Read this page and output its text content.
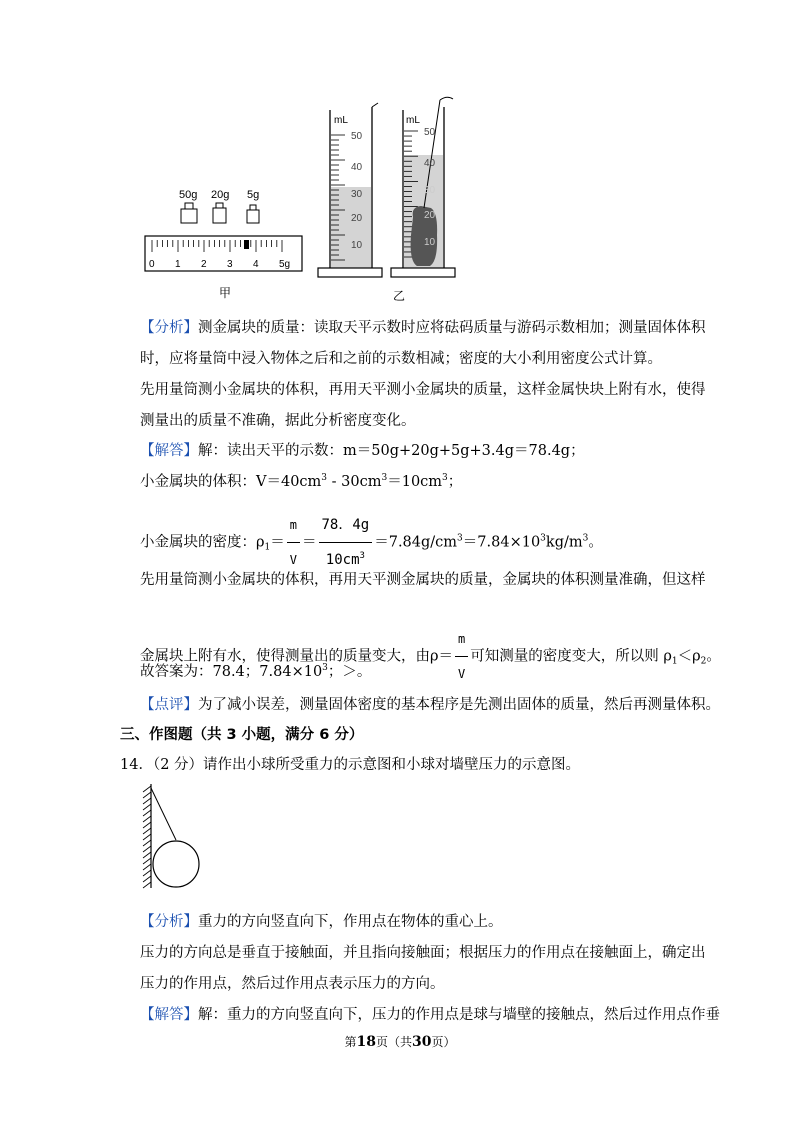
50g 20g 5g
0 1 2 3 4 5g
甲
mL
50
40
30
20
10
mL
50
40
30
20
10
乙
【分析】测金属块的质量：读取天平示数时应将砝码质量与游码示数相加；测量固体体积
时，应将量筒中浸入物体之后和之前的示数相减；密度的大小利用密度公式计算。
先用量筒测小金属块的体积，再用天平测小金属块的质量，这样金属快块上附有水，使得
测量出的质量不准确，据此分析密度变化。
【解答】解：读出天平的示数：m＝50g+20g+5g+3.4g＝78.4g；
小金属块的体积：$V=40cm^3 - 30cm^3=10cm^3$；
小金属块的密度：$\rho_1= \frac{m}{V} = \frac{78.4g}{10cm^3} =7.84g/cm^3=7.84\times 10^3kg/m^3$。
先用量筒测小金属块的体积，再用天平测金属块的质量，金属块的体积测量准确，但这样
金属块上附有水，使得测量出的质量变大，由$\rho= \frac{m}{V}$ 可知测量的密度变大，所以则 $\rho_1<\rho_2$。
故答案为：78.4；$7.84\times 10^3$；＞。
【点评】为了减小误差，测量固体密度的基本程序是先测出固体的质量，然后再测量体积。
三、作图题（共 3 小题，满分 6 分）
14．（2 分）请作出小球所受重力的示意图和小球对墙壁压力的示意图。
【分析】重力的方向竖直向下，作用点在物体的重心上。
压力的方向总是垂直于接触面，并且指向接触面；根据压力的作用点在接触面上，确定出
压力的作用点，然后过作用点表示压力的方向。
【解答】解：重力的方向竖直向下，压力的作用点是球与墙壁的接触点，然后过作用点作垂
第18页（共30页）
